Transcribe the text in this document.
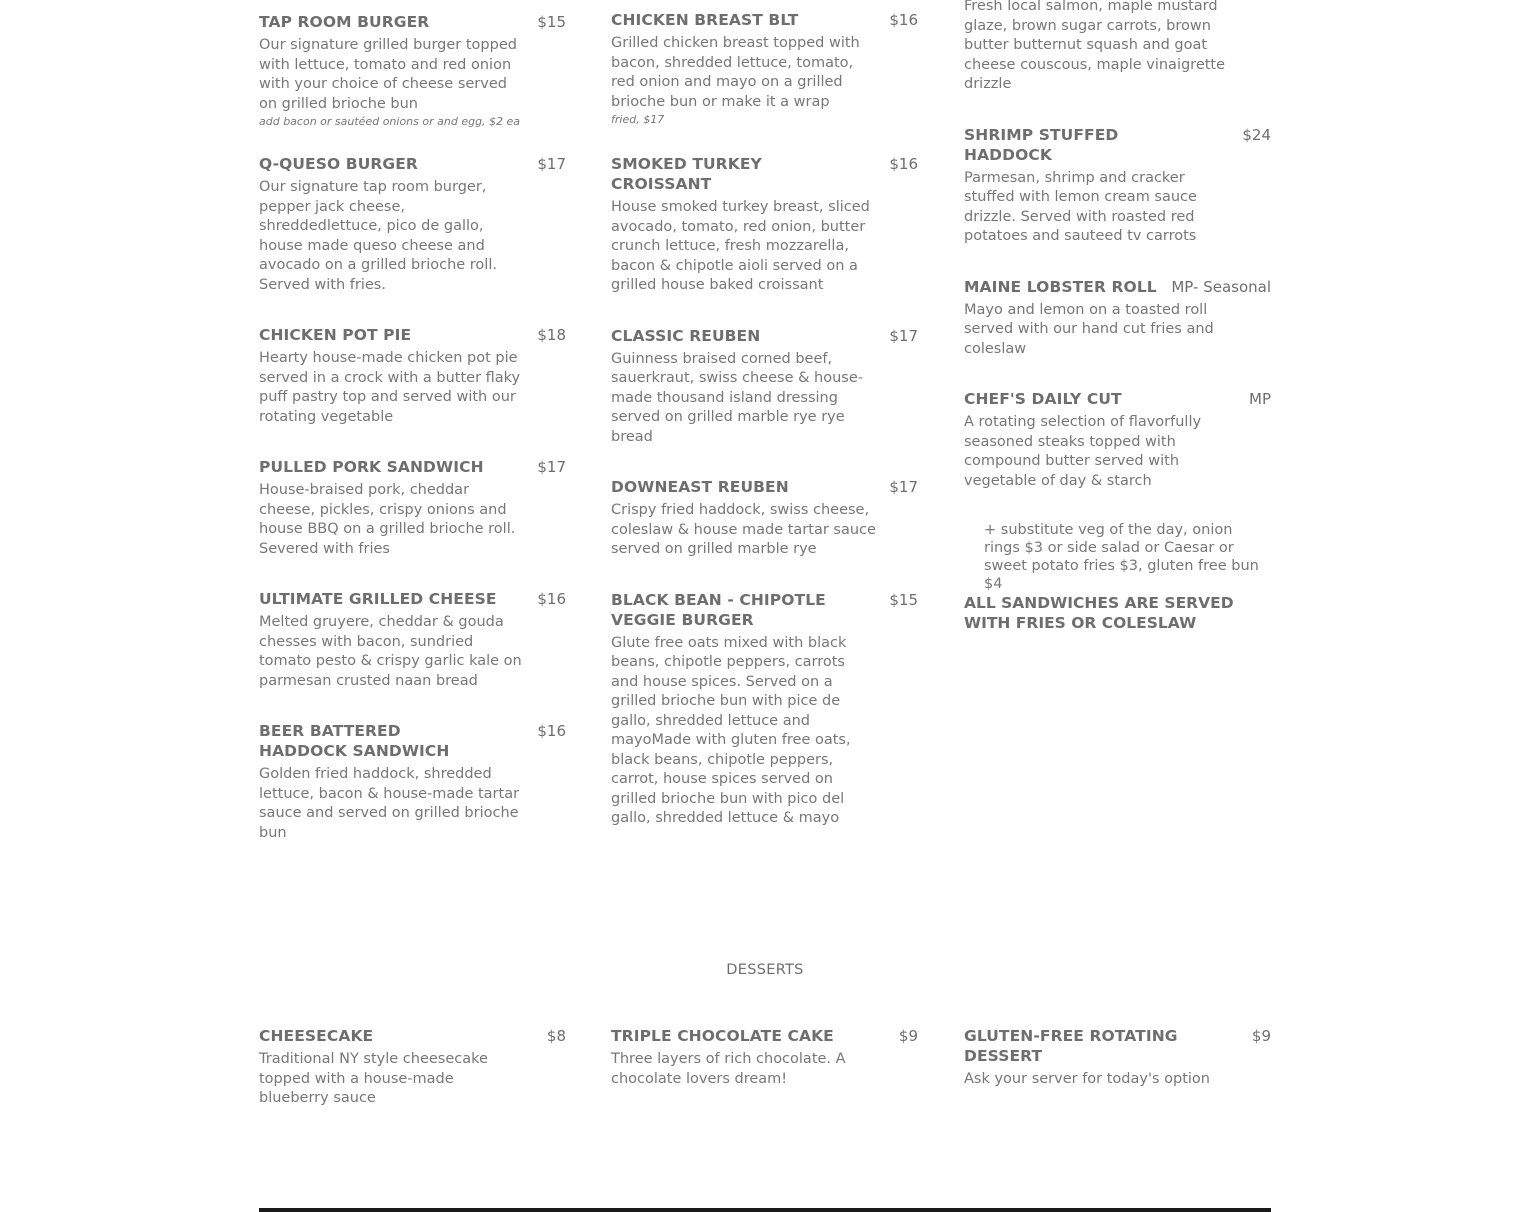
TAP ROOM BURGER	$15
Our signature grilled burger topped with lettuce, tomato and red onion with your choice of cheese served on grilled brioche bun
add bacon or sautéed onions or and egg, $2 ea
Q-QUESO BURGER	$17
Our signature tap room burger, pepper jack cheese, shreddedlettuce, pico de gallo, house made queso cheese and avocado on a grilled brioche roll. Served with fries.
CHICKEN POT PIE	$18
Hearty house-made chicken pot pie served in a crock with a butter flaky puff pastry top and served with our rotating vegetable
PULLED PORK SANDWICH	$17
House-braised pork, cheddar cheese, pickles, crispy onions and house BBQ on a grilled brioche roll. Severed with fries
ULTIMATE GRILLED CHEESE	$16
Melted gruyere, cheddar & gouda chesses with bacon, sundried tomato pesto & crispy garlic kale on parmesan crusted naan bread
BEER BATTERED HADDOCK SANDWICH
$16
Golden fried haddock, shredded lettuce, bacon & house-made tartar sauce and served on grilled brioche bun
CHICKEN BREAST BLT	$16
Grilled chicken breast topped with bacon, shredded lettuce, tomato, red onion and mayo on a grilled brioche bun or make it a wrap
fried, $17
SMOKED TURKEY CROISSANT
$16
House smoked turkey breast, sliced avocado, tomato, red onion, butter crunch lettuce, fresh mozzarella, bacon & chipotle aioli served on a grilled house baked croissant
CLASSIC REUBEN	$17
Guinness braised corned beef, sauerkraut, swiss cheese & house-made thousand island dressing served on grilled marble rye rye bread
DOWNEAST REUBEN	$17
Crispy fried haddock, swiss cheese, coleslaw & house made tartar sauce served on grilled marble rye
BLACK BEAN - CHIPOTLE VEGGIE BURGER
$15
Glute free oats mixed with black beans, chipotle peppers, carrots and house spices. Served on a grilled brioche bun with pice de gallo, shredded lettuce and mayoMade with gluten free oats, black beans, chipotle peppers, carrot, house spices served on grilled brioche bun with pico del gallo, shredded lettuce & mayo
Fresh local salmon, maple mustard glaze, brown sugar carrots, brown butter butternut squash and goat cheese couscous, maple vinaigrette drizzle
SHRIMP STUFFED HADDOCK
$24
Parmesan, shrimp and cracker stuffed with lemon cream sauce drizzle. Served with roasted red potatoes and sauteed tv carrots
MAINE LOBSTER ROLL MP- Seasonal
Mayo and lemon on a toasted roll served with our hand cut fries and coleslaw
CHEF'S DAILY CUT	MP
A rotating selection of flavorfully seasoned steaks topped with compound butter served with vegetable of day & starch
+ substitute veg of the day, onion rings $3 or side salad or Caesar or sweet potato fries $3, gluten free bun $4
ALL SANDWICHES ARE SERVED WITH FRIES OR COLESLAW
DESSERTS
CHEESECAKE	$8
Traditional NY style cheesecake topped with a house-made blueberry sauce
TRIPLE CHOCOLATE CAKE	$9
Three layers of rich chocolate. A chocolate lovers dream!
GLUTEN-FREE ROTATING DESSERT
$9
Ask your server for today's option
